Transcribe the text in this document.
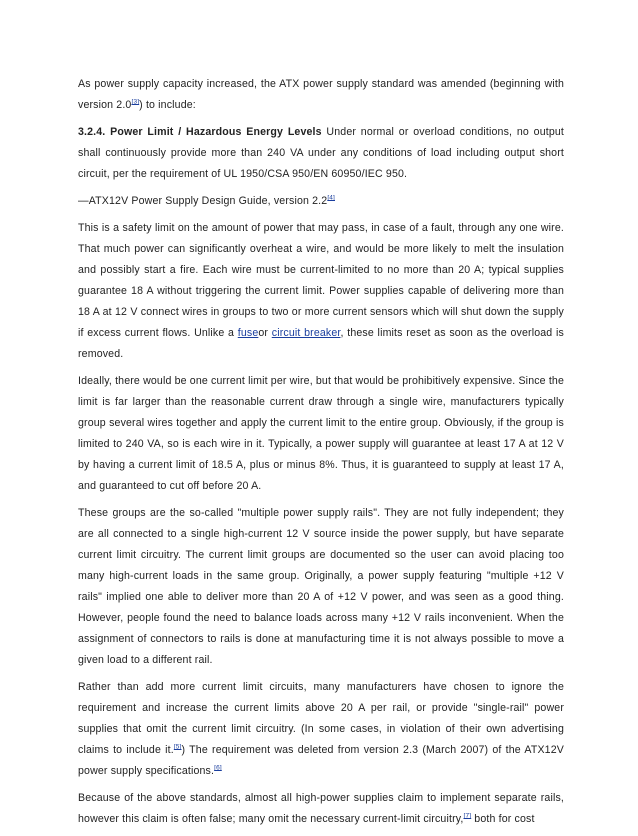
As power supply capacity increased, the ATX power supply standard was amended (beginning with version 2.0[3]) to include:

3.2.4. Power Limit / Hazardous Energy Levels Under normal or overload conditions, no output shall continuously provide more than 240 VA under any conditions of load including output short circuit, per the requirement of UL 1950/CSA 950/EN 60950/IEC 950.

—ATX12V Power Supply Design Guide, version 2.2[4]

This is a safety limit on the amount of power that may pass, in case of a fault, through any one wire. That much power can significantly overheat a wire, and would be more likely to melt the insulation and possibly start a fire. Each wire must be current-limited to no more than 20 A; typical supplies guarantee 18 A without triggering the current limit. Power supplies capable of delivering more than 18 A at 12 V connect wires in groups to two or more current sensors which will shut down the supply if excess current flows. Unlike a fuseor circuit breaker, these limits reset as soon as the overload is removed.

Ideally, there would be one current limit per wire, but that would be prohibitively expensive. Since the limit is far larger than the reasonable current draw through a single wire, manufacturers typically group several wires together and apply the current limit to the entire group. Obviously, if the group is limited to 240 VA, so is each wire in it. Typically, a power supply will guarantee at least 17 A at 12 V by having a current limit of 18.5 A, plus or minus 8%. Thus, it is guaranteed to supply at least 17 A, and guaranteed to cut off before 20 A.

These groups are the so-called "multiple power supply rails". They are not fully independent; they are all connected to a single high-current 12 V source inside the power supply, but have separate current limit circuitry. The current limit groups are documented so the user can avoid placing too many high-current loads in the same group. Originally, a power supply featuring "multiple +12 V rails" implied one able to deliver more than 20 A of +12 V power, and was seen as a good thing. However, people found the need to balance loads across many +12 V rails inconvenient. When the assignment of connectors to rails is done at manufacturing time it is not always possible to move a given load to a different rail.

Rather than add more current limit circuits, many manufacturers have chosen to ignore the requirement and increase the current limits above 20 A per rail, or provide "single-rail" power supplies that omit the current limit circuitry. (In some cases, in violation of their own advertising claims to include it.[5]) The requirement was deleted from version 2.3 (March 2007) of the ATX12V power supply specifications.[6]

Because of the above standards, almost all high-power supplies claim to implement separate rails, however this claim is often false; many omit the necessary current-limit circuitry,[7] both for cost
